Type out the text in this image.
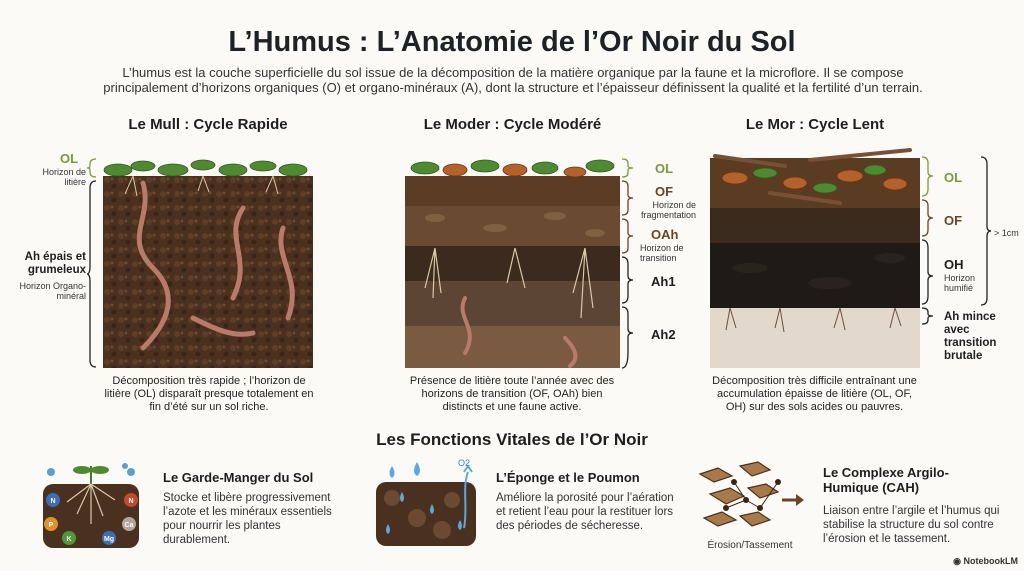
L’Humus : L’Anatomie de l’Or Noir du Sol
L’humus est la couche superficielle du sol issue de la décomposition de la matière organique par la faune et la microflore. Il se compose principalement d’horizons organiques (O) et organo-minéraux (A), dont la structure et l’épaisseur définissent la qualité et la fertilité d’un terrain.
Le Mull : Cycle Rapide
OL
Horizon de litière
Ah épais et grumeleux
Horizon Organo-minéral
Décomposition très rapide ; l’horizon de litière (OL) disparaît presque totalement en fin d’été sur un sol riche.
Le Moder : Cycle Modéré
OL
OF
Horizon de fragmentation
OAh
Horizon de transition
Ah1
Ah2
Présence de litière toute l’année avec des horizons de transition (OF, OAh) bien distincts et une faune active.
Le Mor : Cycle Lent
> 1cm
OL
OF
OH
Horizon humifié
Ah mince avec transition brutale
Décomposition très difficile entraînant une accumulation épaisse de litière (OL, OF, OH) sur des sols acides ou pauvres.
Les Fonctions Vitales de l’Or Noir
N
P
K	Mg
Ca
N
Le Garde-Manger du Sol
Stocke et libère progressivement l’azote et les minéraux essentiels pour nourrir les plantes durablement.
O2
L’Éponge et le Poumon
Améliore la porosité pour l’aération et retient l’eau pour la restituer lors des périodes de sécheresse.
Érosion/Tassement
Le Complexe Argilo-Humique (CAH)
Liaison entre l’argile et l’humus qui stabilise la structure du sol contre l’érosion et le tassement.
◉ NotebookLM
